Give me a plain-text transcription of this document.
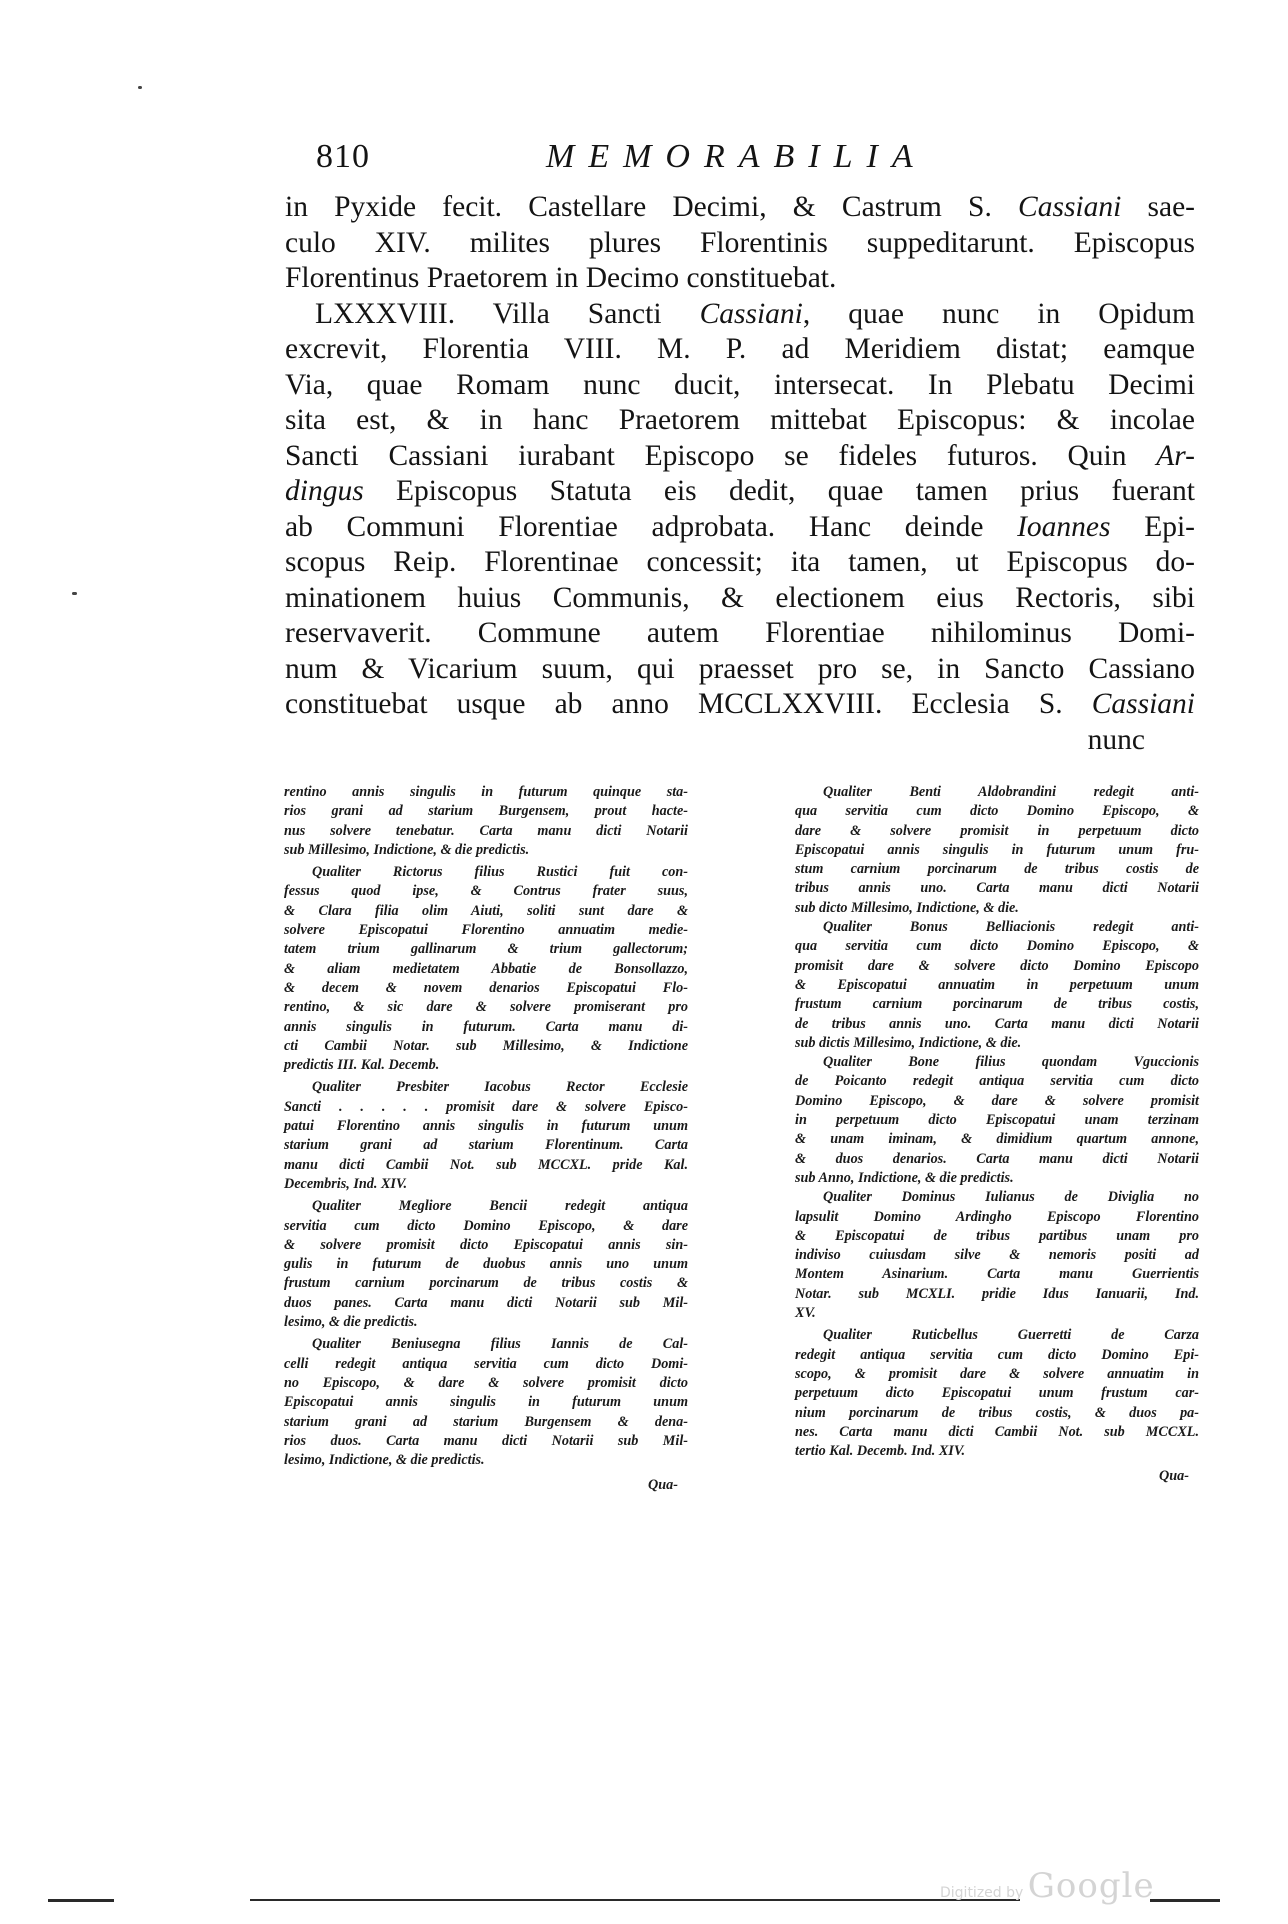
810	MEMORABILIA
in Pyxide fecit. Castellare Decimi, & Castrum S. Cassiani sae-
culo XIV. milites plures Florentinis suppeditarunt. Episcopus
Florentinus Praetorem in Decimo constituebat.
LXXXVIII. Villa Sancti Cassiani, quae nunc in Opidum
excrevit, Florentia VIII. M. P. ad Meridiem distat; eamque
Via, quae Romam nunc ducit, intersecat. In Plebatu Decimi
sita est, & in hanc Praetorem mittebat Episcopus: & incolae
Sancti Cassiani iurabant Episcopo se fideles futuros. Quin Ar-
dingus Episcopus Statuta eis dedit, quae tamen prius fuerant
ab Communi Florentiae adprobata. Hanc deinde Ioannes Epi-
scopus Reip. Florentinae concessit; ita tamen, ut Episcopus do-
minationem huius Communis, & electionem eius Rectoris, sibi
reservaverit. Commune autem Florentiae nihilominus Domi-
num & Vicarium suum, qui praesset pro se, in Sancto Cassiano
constituebat usque ab anno MCCLXXVIII. Ecclesia S. Cassiani
nunc
rentino annis singulis in futurum quinque sta-
rios grani ad starium Burgensem, prout hacte-
nus solvere tenebatur. Carta manu dicti Notarii
sub Millesimo, Indictione, & die predictis.
Qualiter Rictorus filius Rustici fuit con-
fessus quod ipse, & Contrus frater suus,
& Clara filia olim Aiuti, soliti sunt dare &
solvere Episcopatui Florentino annuatim medie-
tatem trium gallinarum & trium gallectorum;
& aliam medietatem Abbatie de Bonsollazzo,
& decem & novem denarios Episcopatui Flo-
rentino, & sic dare & solvere promiserant pro
annis singulis in futurum. Carta manu di-
cti Cambii Notar. sub Millesimo, & Indictione
predictis III. Kal. Decemb.
Qualiter Presbiter Iacobus Rector Ecclesie
Sancti . . . . . promisit dare & solvere Episco-
patui Florentino annis singulis in futurum unum
starium grani ad starium Florentinum. Carta
manu dicti Cambii Not. sub MCCXL. pride Kal.
Decembris, Ind. XIV.
Qualiter Megliore Bencii redegit antiqua
servitia cum dicto Domino Episcopo, & dare
& solvere promisit dicto Episcopatui annis sin-
gulis in futurum de duobus annis uno unum
frustum carnium porcinarum de tribus costis &
duos panes. Carta manu dicti Notarii sub Mil-
lesimo, & die predictis.
Qualiter Beniusegna filius Iannis de Cal-
celli redegit antiqua servitia cum dicto Domi-
no Episcopo, & dare & solvere promisit dicto
Episcopatui annis singulis in futurum unum
starium grani ad starium Burgensem & dena-
rios duos. Carta manu dicti Notarii sub Mil-
lesimo, Indictione, & die predictis.
Qua-
Qualiter Benti Aldobrandini redegit anti-
qua servitia cum dicto Domino Episcopo, &
dare & solvere promisit in perpetuum dicto
Episcopatui annis singulis in futurum unum fru-
stum carnium porcinarum de tribus costis de
tribus annis uno. Carta manu dicti Notarii
sub dicto Millesimo, Indictione, & die.
Qualiter Bonus Belliacionis redegit anti-
qua servitia cum dicto Domino Episcopo, &
promisit dare & solvere dicto Domino Episcopo
& Episcopatui annuatim in perpetuum unum
frustum carnium porcinarum de tribus costis,
de tribus annis uno. Carta manu dicti Notarii
sub dictis Millesimo, Indictione, & die.
Qualiter Bone filius quondam Vguccionis
de Poicanto redegit antiqua servitia cum dicto
Domino Episcopo, & dare & solvere promisit
in perpetuum dicto Episcopatui unam terzinam
& unam iminam, & dimidium quartum annone,
& duos denarios. Carta manu dicti Notarii
sub Anno, Indictione, & die predictis.
Qualiter Dominus Iulianus de Diviglia no
lapsulit Domino Ardingho Episcopo Florentino
& Episcopatui de tribus partibus unam pro
indiviso cuiusdam silve & nemoris positi ad
Montem Asinarium. Carta manu Guerrientis
Notar. sub MCXLI. pridie Idus Ianuarii, Ind.
XV.
Qualiter Ruticbellus Guerretti de Carza
redegit antiqua servitia cum dicto Domino Epi-
scopo, & promisit dare & solvere annuatim in
perpetuum dicto Episcopatui unum frustum car-
nium porcinarum de tribus costis, & duos pa-
nes. Carta manu dicti Cambii Not. sub MCCXL.
tertio Kal. Decemb. Ind. XIV.
Qua-
Digitized by Google
